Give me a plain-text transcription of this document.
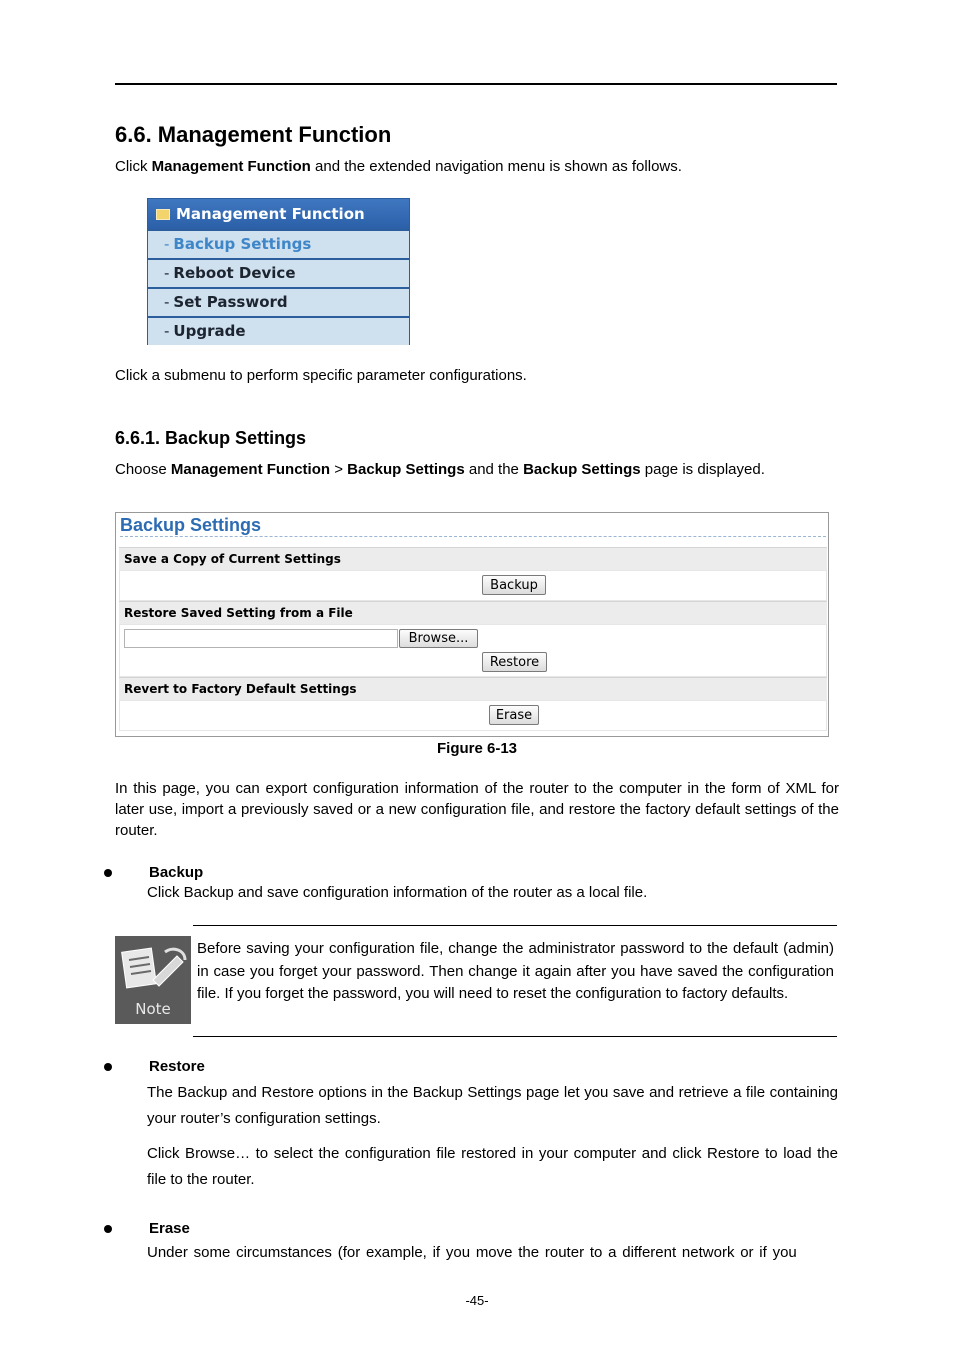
6.6. Management Function
Click Management Function and the extended navigation menu is shown as follows.
Management Function
- Backup Settings
- Reboot Device
- Set Password
- Upgrade
Click a submenu to perform specific parameter configurations.
6.6.1. Backup Settings
Choose Management Function > Backup Settings and the Backup Settings page is displayed.
Backup Settings
Save a Copy of Current Settings
Backup
Restore Saved Setting from a File
Browse...
Restore
Revert to Factory Default Settings
Erase
Figure 6-13
In this page, you can export configuration information of the router to the computer in the form of XML for later use, import a previously saved or a new configuration file, and restore the factory default settings of the router.
Backup
Click Backup and save configuration information of the router as a local file.
Note
Before saving your configuration file, change the administrator password to the default (admin) in case you forget your password. Then change it again after you have saved the configuration file. If you forget the password, you will need to reset the configuration to factory defaults.
Restore
The Backup and Restore options in the Backup Settings page let you save and retrieve a file containing your router’s configuration settings.
Click Browse… to select the configuration file restored in your computer and click Restore to load the file to the router.
Erase
Under some circumstances (for example, if you move the router to a different network or if you
-45-
